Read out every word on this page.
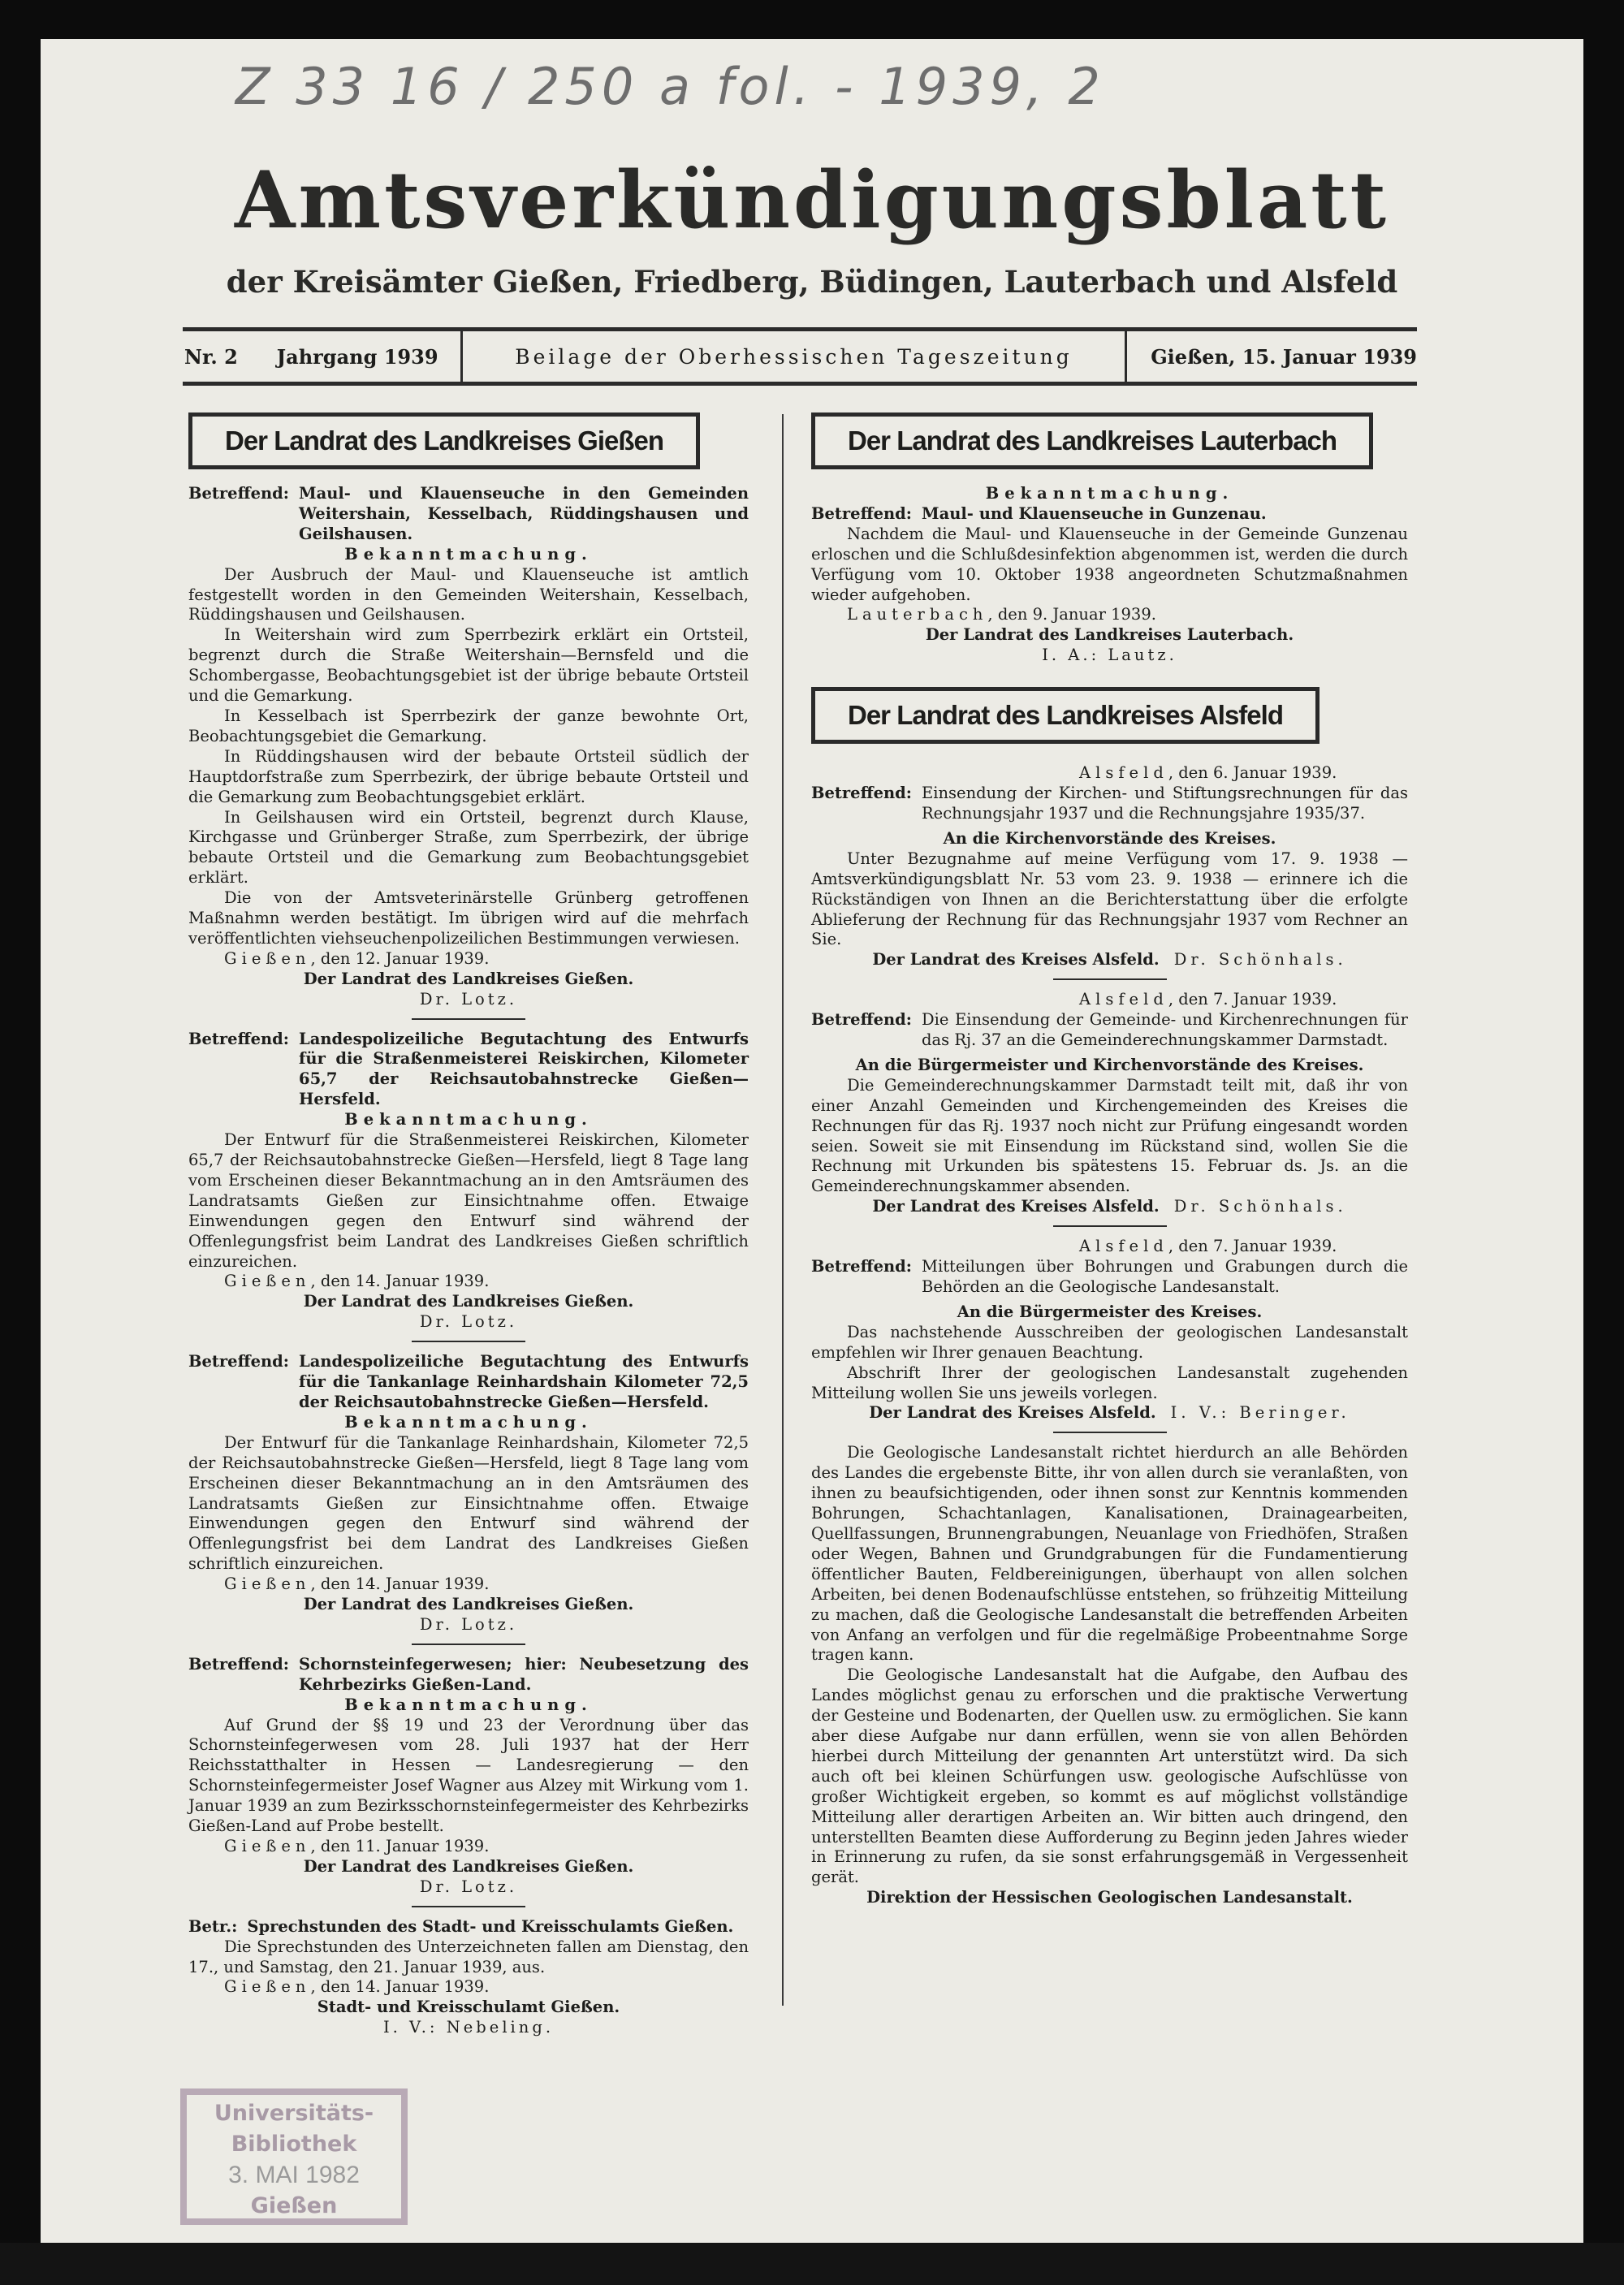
Z 33 16 / 250 a fol. - 1939, 2
Amtsverkündigungsblatt
der Kreisämter Gießen, Friedberg, Büdingen, Lauterbach und Alsfeld
Nr. 2 Jahrgang 1939	Beilage der Oberhessischen Tageszeitung	Gießen, 15. Januar 1939
Der Landrat des Landkreises Gießen
Betreffend: Maul- und Klauenseuche in den Gemeinden Weitershain, Kesselbach, Rüddingshausen und Geilshausen.
Bekanntmachung.
Der Ausbruch der Maul- und Klauenseuche ist amtlich festgestellt worden in den Gemeinden Weitershain, Kesselbach, Rüddingshausen und Geilshausen.
In Weitershain wird zum Sperrbezirk erklärt ein Ortsteil, begrenzt durch die Straße Weitershain—Bernsfeld und die Schombergasse, Beobachtungsgebiet ist der übrige bebaute Ortsteil und die Gemarkung.
In Kesselbach ist Sperrbezirk der ganze bewohnte Ort, Beobachtungsgebiet die Gemarkung.
In Rüddingshausen wird der bebaute Ortsteil südlich der Hauptdorfstraße zum Sperrbezirk, der übrige bebaute Ortsteil und die Gemarkung zum Beobachtungsgebiet erklärt.
In Geilshausen wird ein Ortsteil, begrenzt durch Klause, Kirchgasse und Grünberger Straße, zum Sperrbezirk, der übrige bebaute Ortsteil und die Gemarkung zum Beobachtungsgebiet erklärt.
Die von der Amtsveterinärstelle Grünberg getroffenen Maßnahmn werden bestätigt. Im übrigen wird auf die mehrfach veröffentlichten viehseuchenpolizeilichen Bestimmungen verwiesen.
Gießen, den 12. Januar 1939.
Der Landrat des Landkreises Gießen.
Dr. Lotz.
Betreffend: Landespolizeiliche Begutachtung des Entwurfs für die Straßenmeisterei Reiskirchen, Kilometer 65,7 der Reichsautobahnstrecke Gießen—Hersfeld.
Bekanntmachung.
Der Entwurf für die Straßenmeisterei Reiskirchen, Kilometer 65,7 der Reichsautobahnstrecke Gießen—Hersfeld, liegt 8 Tage lang vom Erscheinen dieser Bekanntmachung an in den Amtsräumen des Landratsamts Gießen zur Einsichtnahme offen. Etwaige Einwendungen gegen den Entwurf sind während der Offenlegungsfrist beim Landrat des Landkreises Gießen schriftlich einzureichen.
Gießen, den 14. Januar 1939.
Der Landrat des Landkreises Gießen.
Dr. Lotz.
Betreffend: Landespolizeiliche Begutachtung des Entwurfs für die Tankanlage Reinhardshain Kilometer 72,5 der Reichsautobahnstrecke Gießen—Hersfeld.
Bekanntmachung.
Der Entwurf für die Tankanlage Reinhardshain, Kilometer 72,5 der Reichsautobahnstrecke Gießen—Hersfeld, liegt 8 Tage lang vom Erscheinen dieser Bekanntmachung an in den Amtsräumen des Landratsamts Gießen zur Einsichtnahme offen. Etwaige Einwendungen gegen den Entwurf sind während der Offenlegungsfrist bei dem Landrat des Landkreises Gießen schriftlich einzureichen.
Gießen, den 14. Januar 1939.
Der Landrat des Landkreises Gießen.
Dr. Lotz.
Betreffend: Schornsteinfegerwesen; hier: Neubesetzung des Kehrbezirks Gießen-Land.
Bekanntmachung.
Auf Grund der §§ 19 und 23 der Verordnung über das Schornsteinfegerwesen vom 28. Juli 1937 hat der Herr Reichsstatthalter in Hessen — Landesregierung — den Schornsteinfegermeister Josef Wagner aus Alzey mit Wirkung vom 1. Januar 1939 an zum Bezirksschornsteinfegermeister des Kehrbezirks Gießen-Land auf Probe bestellt.
Gießen, den 11. Januar 1939.
Der Landrat des Landkreises Gießen.
Dr. Lotz.
Betr.: Sprechstunden des Stadt- und Kreisschulamts Gießen.
Die Sprechstunden des Unterzeichneten fallen am Dienstag, den 17., und Samstag, den 21. Januar 1939, aus.
Gießen, den 14. Januar 1939.
Stadt- und Kreisschulamt Gießen.
I. V.: Nebeling.
Der Landrat des Landkreises Lauterbach
Bekanntmachung.
Betreffend: Maul- und Klauenseuche in Gunzenau.
Nachdem die Maul- und Klauenseuche in der Gemeinde Gunzenau erloschen und die Schlußdesinfektion abgenommen ist, werden die durch Verfügung vom 10. Oktober 1938 angeordneten Schutzmaßnahmen wieder aufgehoben.
Lauterbach, den 9. Januar 1939.
Der Landrat des Landkreises Lauterbach.
I. A.: Lautz.
Der Landrat des Landkreises Alsfeld
Alsfeld, den 6. Januar 1939.
Betreffend: Einsendung der Kirchen- und Stiftungsrechnungen für das Rechnungsjahr 1937 und die Rechnungsjahre 1935/37.
An die Kirchenvorstände des Kreises.
Unter Bezugnahme auf meine Verfügung vom 17. 9. 1938 — Amtsverkündigungsblatt Nr. 53 vom 23. 9. 1938 — erinnere ich die Rückständigen von Ihnen an die Berichterstattung über die erfolgte Ablieferung der Rechnung für das Rechnungsjahr 1937 vom Rechner an Sie.
Der Landrat des Kreises Alsfeld. Dr. Schönhals.
Alsfeld, den 7. Januar 1939.
Betreffend: Die Einsendung der Gemeinde- und Kirchenrechnungen für das Rj. 37 an die Gemeinderechnungskammer Darmstadt.
An die Bürgermeister und Kirchenvorstände des Kreises.
Die Gemeinderechnungskammer Darmstadt teilt mit, daß ihr von einer Anzahl Gemeinden und Kirchengemeinden des Kreises die Rechnungen für das Rj. 1937 noch nicht zur Prüfung eingesandt worden seien. Soweit sie mit Einsendung im Rückstand sind, wollen Sie die Rechnung mit Urkunden bis spätestens 15. Februar ds. Js. an die Gemeinderechnungskammer absenden.
Der Landrat des Kreises Alsfeld. Dr. Schönhals.
Alsfeld, den 7. Januar 1939.
Betreffend: Mitteilungen über Bohrungen und Grabungen durch die Behörden an die Geologische Landesanstalt.
An die Bürgermeister des Kreises.
Das nachstehende Ausschreiben der geologischen Landesanstalt empfehlen wir Ihrer genauen Beachtung.
Abschrift Ihrer der geologischen Landesanstalt zugehenden Mitteilung wollen Sie uns jeweils vorlegen.
Der Landrat des Kreises Alsfeld. I. V.: Beringer.
Die Geologische Landesanstalt richtet hierdurch an alle Behörden des Landes die ergebenste Bitte, ihr von allen durch sie veranlaßten, von ihnen zu beaufsichtigenden, oder ihnen sonst zur Kenntnis kommenden Bohrungen, Schachtanlagen, Kanalisationen, Drainagearbeiten, Quellfassungen, Brunnengrabungen, Neuanlage von Friedhöfen, Straßen oder Wegen, Bahnen und Grundgrabungen für die Fundamentierung öffentlicher Bauten, Feldbereinigungen, überhaupt von allen solchen Arbeiten, bei denen Bodenaufschlüsse entstehen, so frühzeitig Mitteilung zu machen, daß die Geologische Landesanstalt die betreffenden Arbeiten von Anfang an verfolgen und für die regelmäßige Probeentnahme Sorge tragen kann.
Die Geologische Landesanstalt hat die Aufgabe, den Aufbau des Landes möglichst genau zu erforschen und die praktische Verwertung der Gesteine und Bodenarten, der Quellen usw. zu ermöglichen. Sie kann aber diese Aufgabe nur dann erfüllen, wenn sie von allen Behörden hierbei durch Mitteilung der genannten Art unterstützt wird. Da sich auch oft bei kleinen Schürfungen usw. geologische Aufschlüsse von großer Wichtigkeit ergeben, so kommt es auf möglichst vollständige Mitteilung aller derartigen Arbeiten an. Wir bitten auch dringend, den unterstellten Beamten diese Aufforderung zu Beginn jeden Jahres wieder in Erinnerung zu rufen, da sie sonst erfahrungsgemäß in Vergessenheit gerät.
Direktion der Hessischen Geologischen Landesanstalt.
Universitäts-
Bibliothek
3. MAI 1982
Gießen
